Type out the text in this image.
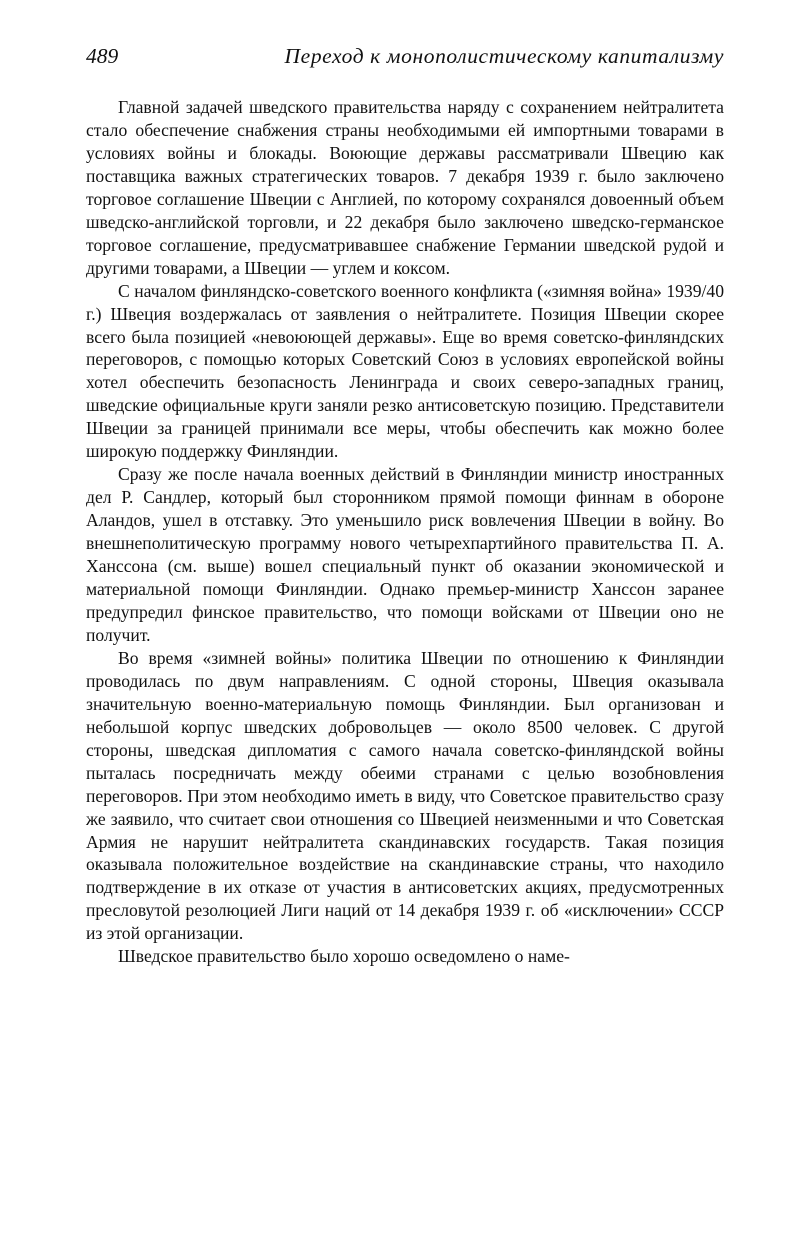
489	Переход к монополистическому капитализму

Главной задачей шведского правительства наряду с сохранением нейтралитета стало обеспечение снабжения страны необходимыми ей импортными товарами в условиях войны и блокады. Воюющие державы рассматривали Швецию как поставщика важных стратегических товаров. 7 декабря 1939 г. было заключено торговое соглашение Швеции с Англией, по которому сохранялся довоенный объем шведско-английской торговли, и 22 декабря было заключено шведско-германское торговое соглашение, предусматривавшее снабжение Германии шведской рудой и другими товарами, а Швеции — углем и коксом.

С началом финляндско-советского военного конфликта («зимняя война» 1939/40 г.) Швеция воздержалась от заявления о нейтралитете. Позиция Швеции скорее всего была позицией «невоюющей державы». Еще во время советско-финляндских переговоров, с помощью которых Советский Союз в условиях европейской войны хотел обеспечить безопасность Ленинграда и своих северо-западных границ, шведские официальные круги заняли резко антисоветскую позицию. Представители Швеции за границей принимали все меры, чтобы обеспечить как можно более широкую поддержку Финляндии.

Сразу же после начала военных действий в Финляндии министр иностранных дел Р. Сандлер, который был сторонником прямой помощи финнам в обороне Аландов, ушел в отставку. Это уменьшило риск вовлечения Швеции в войну. Во внешнеполитическую программу нового четырехпартийного правительства П. А. Ханссона (см. выше) вошел специальный пункт об оказании экономической и материальной помощи Финляндии. Однако премьер-министр Ханссон заранее предупредил финское правительство, что помощи войсками от Швеции оно не получит.

Во время «зимней войны» политика Швеции по отношению к Финляндии проводилась по двум направлениям. С одной стороны, Швеция оказывала значительную военно-материальную помощь Финляндии. Был организован и небольшой корпус шведских добровольцев — около 8500 человек. С другой стороны, шведская дипломатия с самого начала советско-финляндской войны пыталась посредничать между обеими странами с целью возобновления переговоров. При этом необходимо иметь в виду, что Советское правительство сразу же заявило, что считает свои отношения со Швецией неизменными и что Советская Армия не нарушит нейтралитета скандинавских государств. Такая позиция оказывала положительное воздействие на скандинавские страны, что находило подтверждение в их отказе от участия в антисоветских акциях, предусмотренных пресловутой резолюцией Лиги наций от 14 декабря 1939 г. об «исключении» СССР из этой организации.

Шведское правительство было хорошо осведомлено о наме-
